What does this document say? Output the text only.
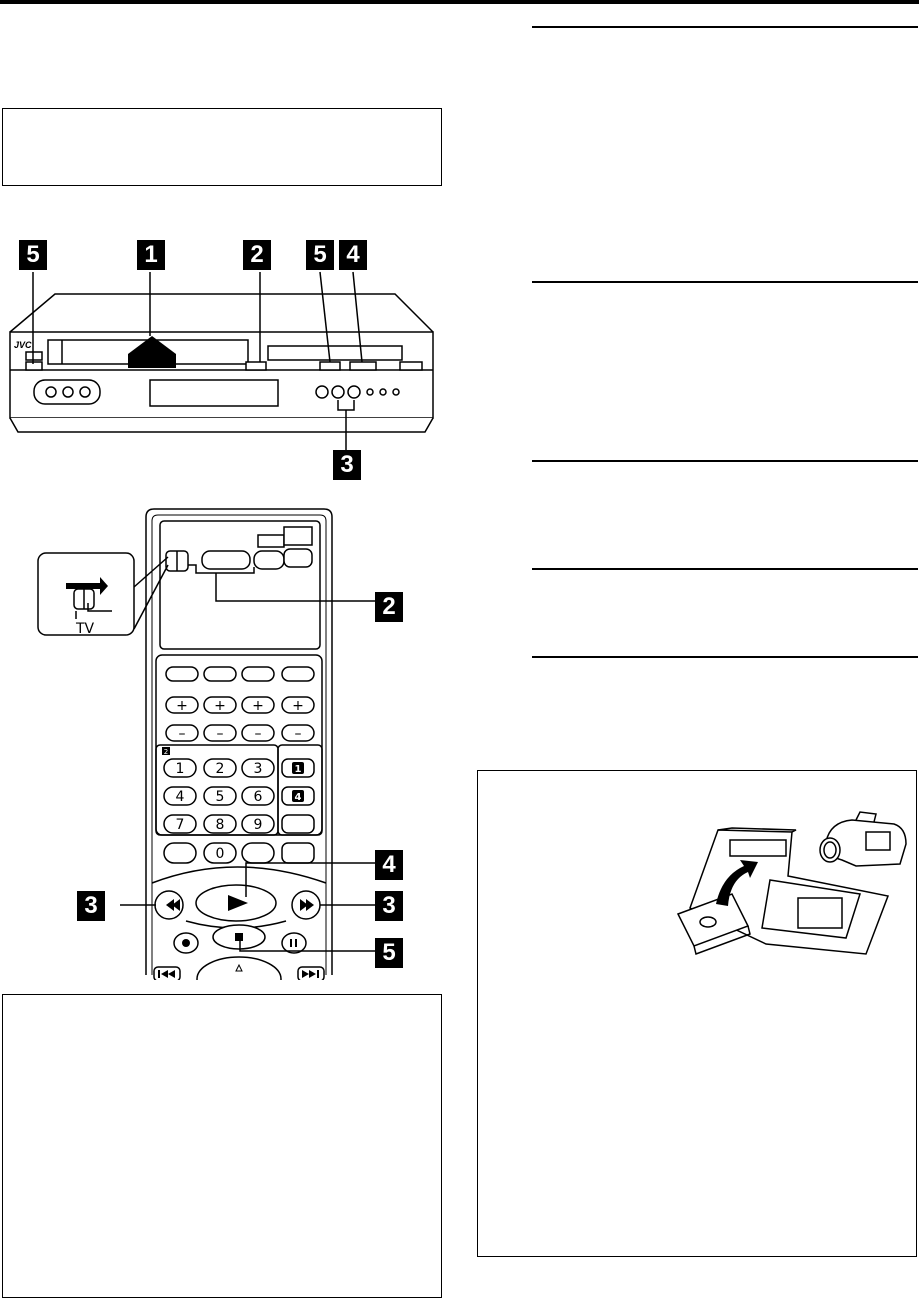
5	1	2	5 4
3
JVC
1 2 3
4 5 6
7 8 9
0
+ + + +
– – – –
1
4
2
TV
2
4
3	3
5
